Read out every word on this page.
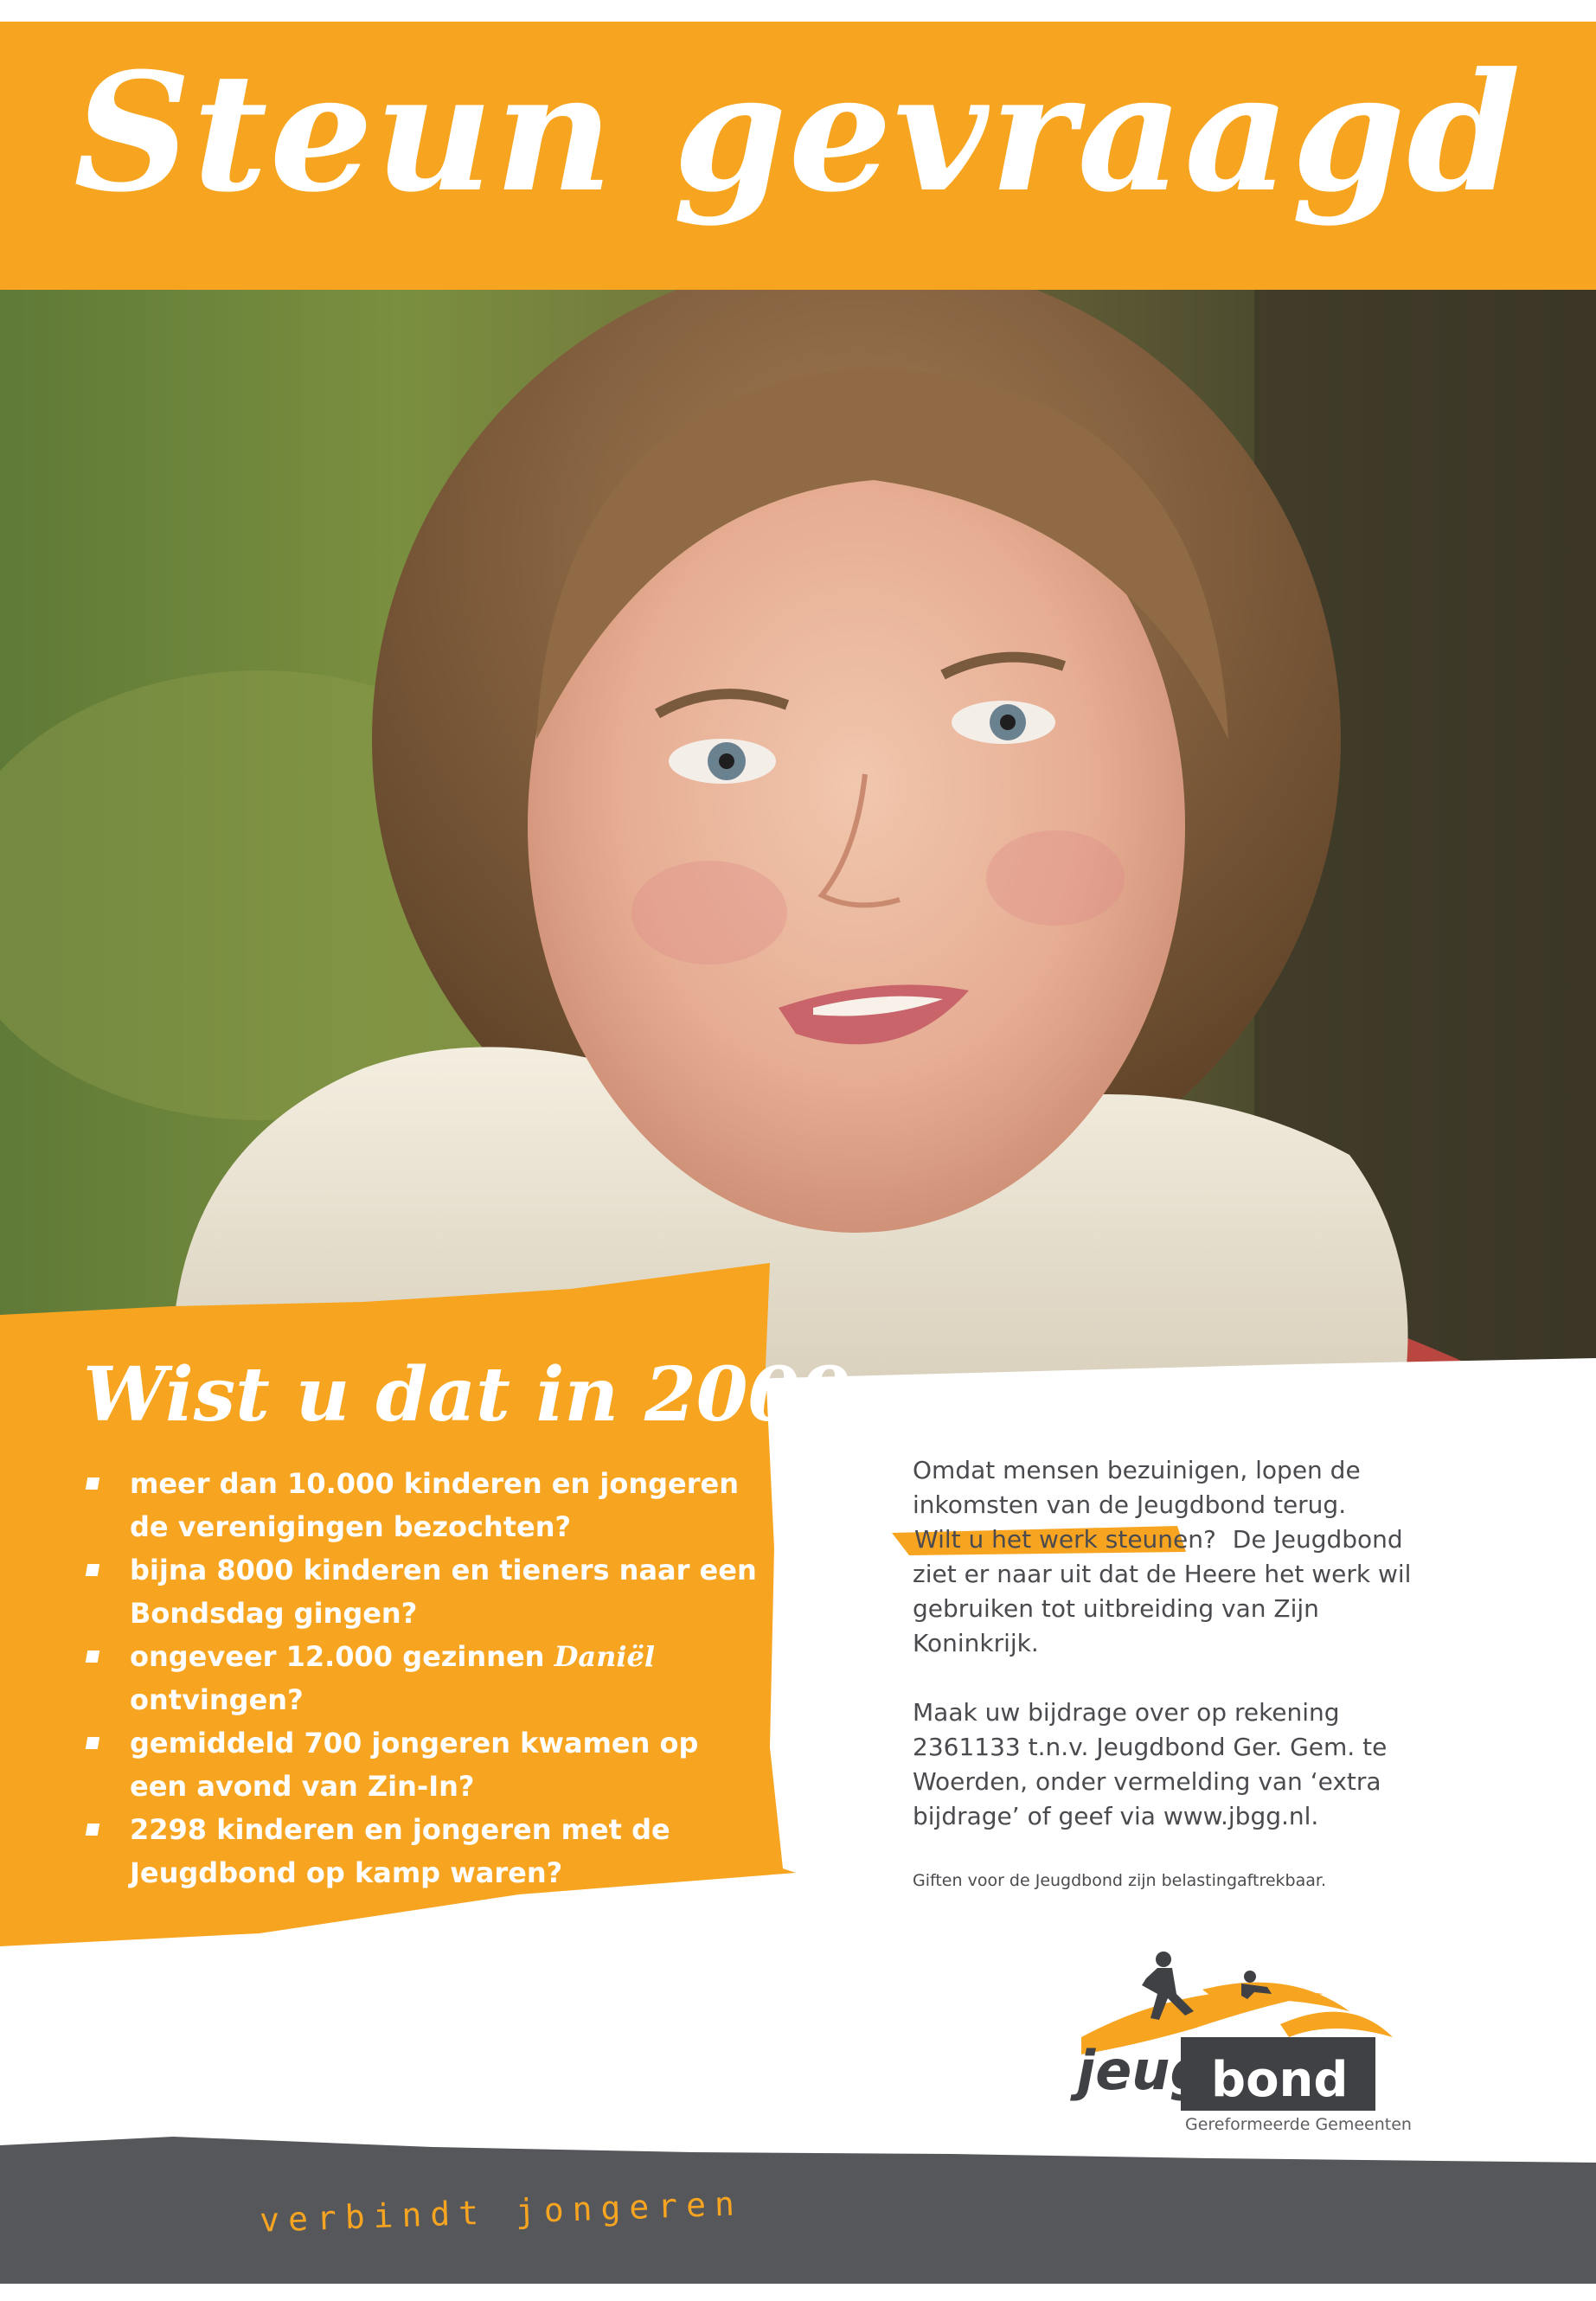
Wist u dat in 2009:
meer dan 10.000 kinderen en jongeren de verenigingen bezochten?
bijna 8000 kinderen en tieners naar een Bondsdag gingen?
ongeveer 12.000 gezinnen Daniël ontvingen?
gemiddeld 700 jongeren kwamen op een avond van Zin-In?
2298 kinderen en jongeren met de Jeugdbond op kamp waren?

Omdat mensen bezuinigen, lopen de inkomsten van de Jeugdbond terug.
Wilt u het werk steunen? De Jeugdbond ziet er naar uit dat de Heere het werk wil gebruiken tot uitbreiding van Zijn Koninkrijk.

Maak uw bijdrage over op rekening 2361133 t.n.v. Jeugdbond Ger. Gem. te Woerden, onder vermelding van ‘extra bijdrage’ of geef via www.jbgg.nl.

Giften voor de Jeugdbond zijn belastingaftrekbaar.

jeugd
bond
Gereformeerde Gemeenten
verbindt jongeren
Steun gevraagd
